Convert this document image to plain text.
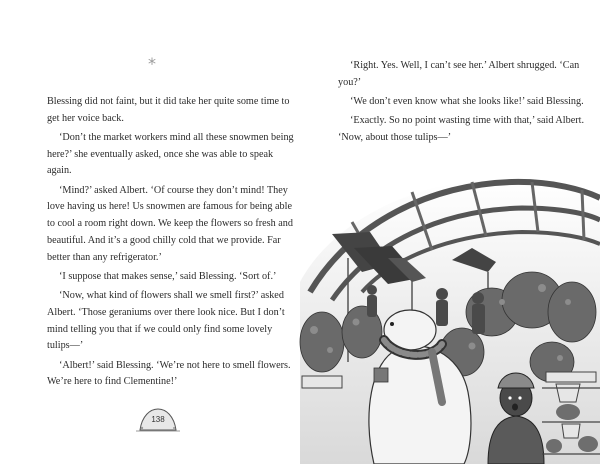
*

Blessing did not faint, but it did take her quite some time to get her voice back.

‘Don’t the market workers mind all these snowmen being here?’ she eventually asked, once she was able to speak again.

‘Mind?’ asked Albert. ‘Of course they don’t mind! They love having us here! Us snowmen are famous for being able to cool a room right down. We keep the flowers so fresh and beautiful. And it’s a good chilly cold that we provide. Far better than any refrigerator.’

‘I suppose that makes sense,’ said Blessing. ‘Sort of.’

‘Now, what kind of flowers shall we smell first?’ asked Albert. ‘Those geraniums over there look nice. But I don’t mind telling you that if we could only find some lovely tulips—’

‘Albert!’ said Blessing. ‘We’re not here to smell flowers. We’re here to find Clementine!’

138

‘Right. Yes. Well, I can’t see her.’ Albert shrugged. ‘Can you?’

‘We don’t even know what she looks like!’ said Blessing.

‘Exactly. So no point wasting time with that,’ said Albert. ‘Now, about those tulips—’
